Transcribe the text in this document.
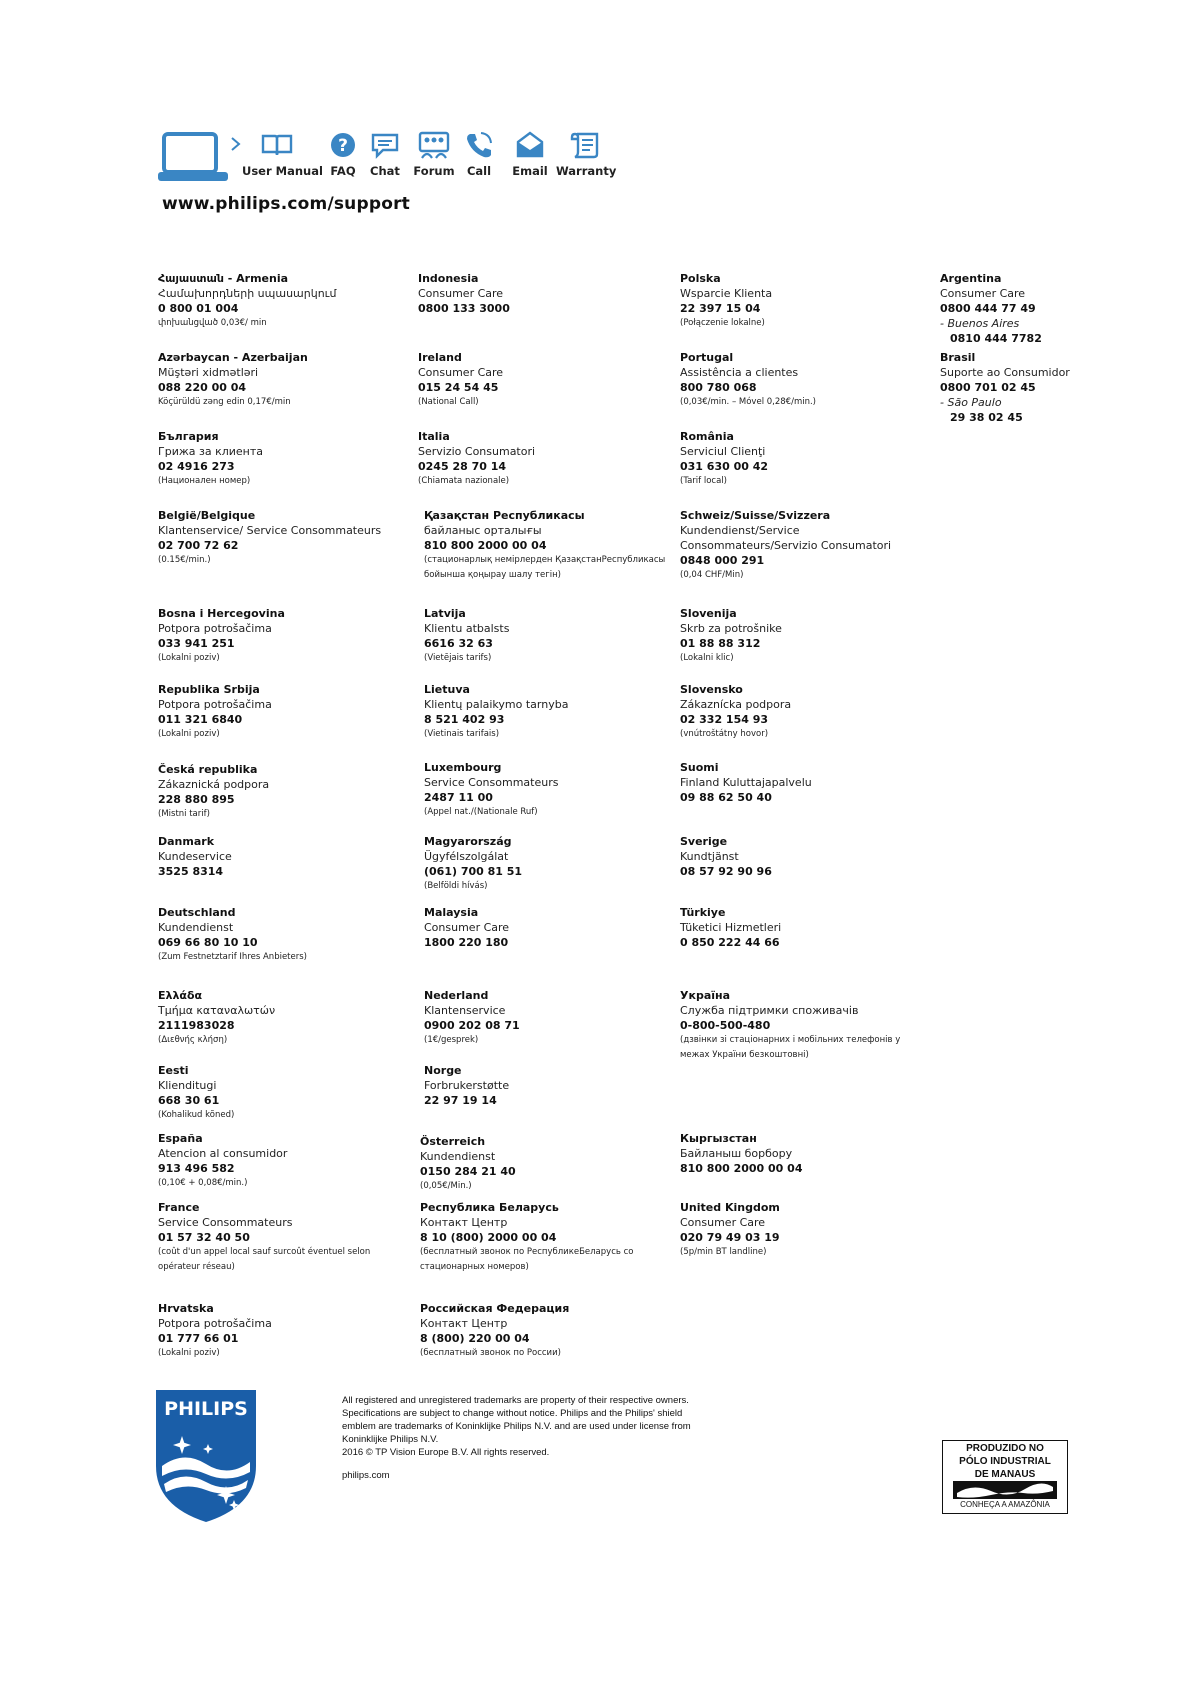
User Manual
?
FAQ	Chat	Forum	Call	Email Warranty
www.philips.com/support
Հայաստան - Armenia
Համախորդների սպասարկում
0 800 01 004
փոխանցված 0,03€/ min
Azərbaycan - Azerbaijan
Müştəri xidmətləri
088 220 00 04
Köçürüldü zəng edin 0,17€/min
България
Грижа за клиента
02 4916 273
(Национален номер)
België/Belgique
Klantenservice/ Service Consommateurs
02 700 72 62
(0.15€/min.)
Bosna i Hercegovina
Potpora potrošačima
033 941 251
(Lokalni poziv)
Republika Srbija
Potpora potrošačima
011 321 6840
(Lokalni poziv)
Česká republika
Zákaznická podpora
228 880 895
(Mistni tarif)
Danmark
Kundeservice
3525 8314
Deutschland
Kundendienst
069 66 80 10 10
(Zum Festnetztarif Ihres Anbieters)
Ελλάδα
Τμήμα καταναλωτών
2111983028
(Διεθνής κλήση)
Eesti
Klienditugi
668 30 61
(Kohalikud kõned)
España
Atencion al consumidor
913 496 582
(0,10€ + 0,08€/min.)
France
Service Consommateurs
01 57 32 40 50
(coût d'un appel local sauf surcoût éventuel selon opérateur réseau)
Hrvatska
Potpora potrošačima
01 777 66 01
(Lokalni poziv)
Indonesia
Consumer Care
0800 133 3000
Ireland
Consumer Care
015 24 54 45
(National Call)
Italia
Servizio Consumatori
0245 28 70 14
(Chiamata nazionale)
Қазақстан Республикасы
байланыс орталығы
810 800 2000 00 04
(стационарлық немірлерден ҚазақстанРеспубликасы бойынша қоңырау шалу тегін)
Latvija
Klientu atbalsts
6616 32 63
(Vietējais tarifs)
Lietuva
Klientų palaikymo tarnyba
8 521 402 93
(Vietinais tarifais)
Luxembourg
Service Consommateurs
2487 11 00
(Appel nat./(Nationale Ruf)
Magyarország
Ügyfélszolgálat
(061) 700 81 51
(Belföldi hívás)
Malaysia
Consumer Care
1800 220 180
Nederland
Klantenservice
0900 202 08 71
(1€/gesprek)
Norge
Forbrukerstøtte
22 97 19 14
Österreich
Kundendienst
0150 284 21 40
(0,05€/Min.)
Республика Беларусь
Контакт Центр
8 10 (800) 2000 00 04
(бесплатный звонок по РеспубликеБеларусь со стационарных номеров)
Российская Федерация
Контакт Центр
8 (800) 220 00 04
(бесплатный звонок по России)
Polska
Wsparcie Klienta
22 397 15 04
(Połączenie lokalne)
Portugal
Assistência a clientes
800 780 068
(0,03€/min. – Móvel 0,28€/min.)
România
Serviciul Clienţi
031 630 00 42
(Tarif local)
Schweiz/Suisse/Svizzera
Kundendienst/Service Consommateurs/Servizio Consumatori
0848 000 291
(0,04 CHF/Min)
Slovenija
Skrb za potrošnike
01 88 88 312
(Lokalni klic)
Slovensko
Zákaznícka podpora
02 332 154 93
(vnútroštátny hovor)
Suomi
Finland Kuluttajapalvelu
09 88 62 50 40
Sverige
Kundtjänst
08 57 92 90 96
Türkiye
Tüketici Hizmetleri
0 850 222 44 66
Україна
Служба підтримки споживачів
0-800-500-480
(дзвінки зі стаціонарних і мобільних телефонів у межах України безкоштовні)
Кыргызстан
Байланыш борбору
810 800 2000 00 04
United Kingdom
Consumer Care
020 79 49 03 19
(5p/min BT landline)
Argentina
Consumer Care
0800 444 77 49
- Buenos Aires
0810 444 7782
Brasil
Suporte ao Consumidor
0800 701 02 45
- São Paulo
29 38 02 45
PHILIPS	All registered and unregistered trademarks are property of their respective owners.

Specifications are subject to change without notice. Philips and the Philips' shield

emblem are trademarks of Koninklijke Philips N.V. and are used under license from

Koninklijke Philips N.V.

2016 © TP Vision Europe B.V. All rights reserved.

philips.com
PRODUZIDO NO
PÓLO INDUSTRIAL
DE MANAUS
CONHEÇA A AMAZÔNIA
